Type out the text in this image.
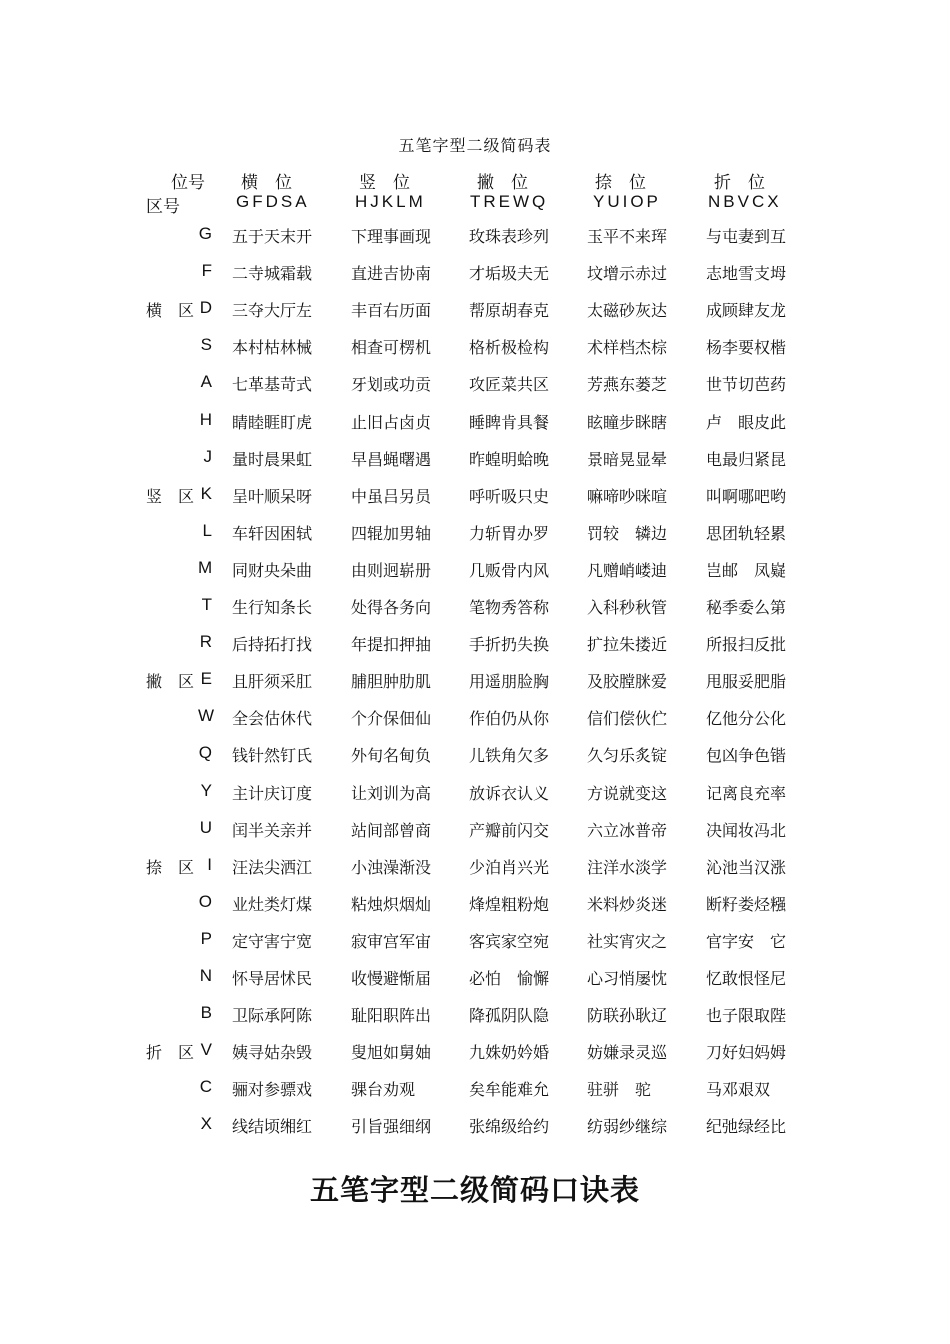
五笔字型二级简码表
位号 横　位	竖　位	撇　位	捺　位	折　位
区号	GFDSA	HJKLM	TREWQ	YUIOP	NBVCX
G 五于天末开 下理事画现 玫珠表珍列 玉平不来珲 与屯妻到互
F 二寺城霜载 直进吉协南 才垢圾夫无 坟增示赤过 志地雪支坶
横　区 D 三夺大厅左 丰百右历面 帮原胡春克 太磁砂灰达 成顾肆友龙
S 本村枯林械 相查可楞机 格析极检构 术样档杰棕 杨李要权楷
A 七革基苛式 牙划或功贡 攻匠菜共区 芳燕东蒌芝 世节切芭药
H 睛睦睚盯虎 止旧占卤贞 睡睥肯具餐 眩瞳步眯瞎 卢　眼皮此
J 量时晨果虹 早昌蝇曙遇 昨蝗明蛤晚 景暗晃显晕 电最归紧昆
竖　区 K 呈叶顺呆呀 中虽吕另员 呼听吸只史 嘛啼吵咪喧 叫啊哪吧哟
L 车轩因困轼 四辊加男轴 力斩胃办罗 罚较　辚边 思团轨轻累
M 同财央朵曲 由则迥崭册 几贩骨内风 凡赠峭嵝迪 岂邮　凤嶷
T 生行知条长 处得各务向 笔物秀答称 入科秒秋管 秘季委么第
R 后持拓打找 年提扣押抽 手折扔失换 扩拉朱搂近 所报扫反批
撇　区 E 且肝须采肛 脯胆肿肋肌 用遥朋脸胸 及胶膛脒爱 甩服妥肥脂
W 全会估休代 个介保佃仙 作伯仍从你 信们偿伙伫 亿他分公化
Q 钱针然钉氏 外旬名甸负 儿铁角欠多 久匀乐炙锭 包凶争色锴
Y 主计庆订度 让刘训为高 放诉衣认义 方说就变这 记离良充率
U 闰半关亲并 站间部曾商 产瓣前闪交 六立冰普帝 决闻妆冯北
捺　区 I 汪法尖洒江 小浊澡渐没 少泊肖兴光 注洋水淡学 沁池当汉涨
O 业灶类灯煤 粘烛炽烟灿 烽煌粗粉炮 米料炒炎迷 断籽娄烃糨
P 定守害宁宽 寂审宫军宙 客宾家空宛 社实宵灾之 官字安　它
N 怀导居怵民 收慢避惭届 必怕　愉懈 心习悄屡忱 忆敢恨怪尼
B 卫际承阿陈 耻阳职阵出 降孤阴队隐 防联孙耿辽 也子限取陛
折　区 V 姨寻姑杂毁 叟旭如舅妯 九姝奶妗婚 妨嫌录灵巡 刀好妇妈姆
C 骊对参骠戏 骒台劝观	矣牟能难允 驻骈　驼	马邓艰双
X 线结顷缃红 引旨强细纲 张绵级给约 纺弱纱继综 纪弛绿经比
五笔字型二级简码口诀表
